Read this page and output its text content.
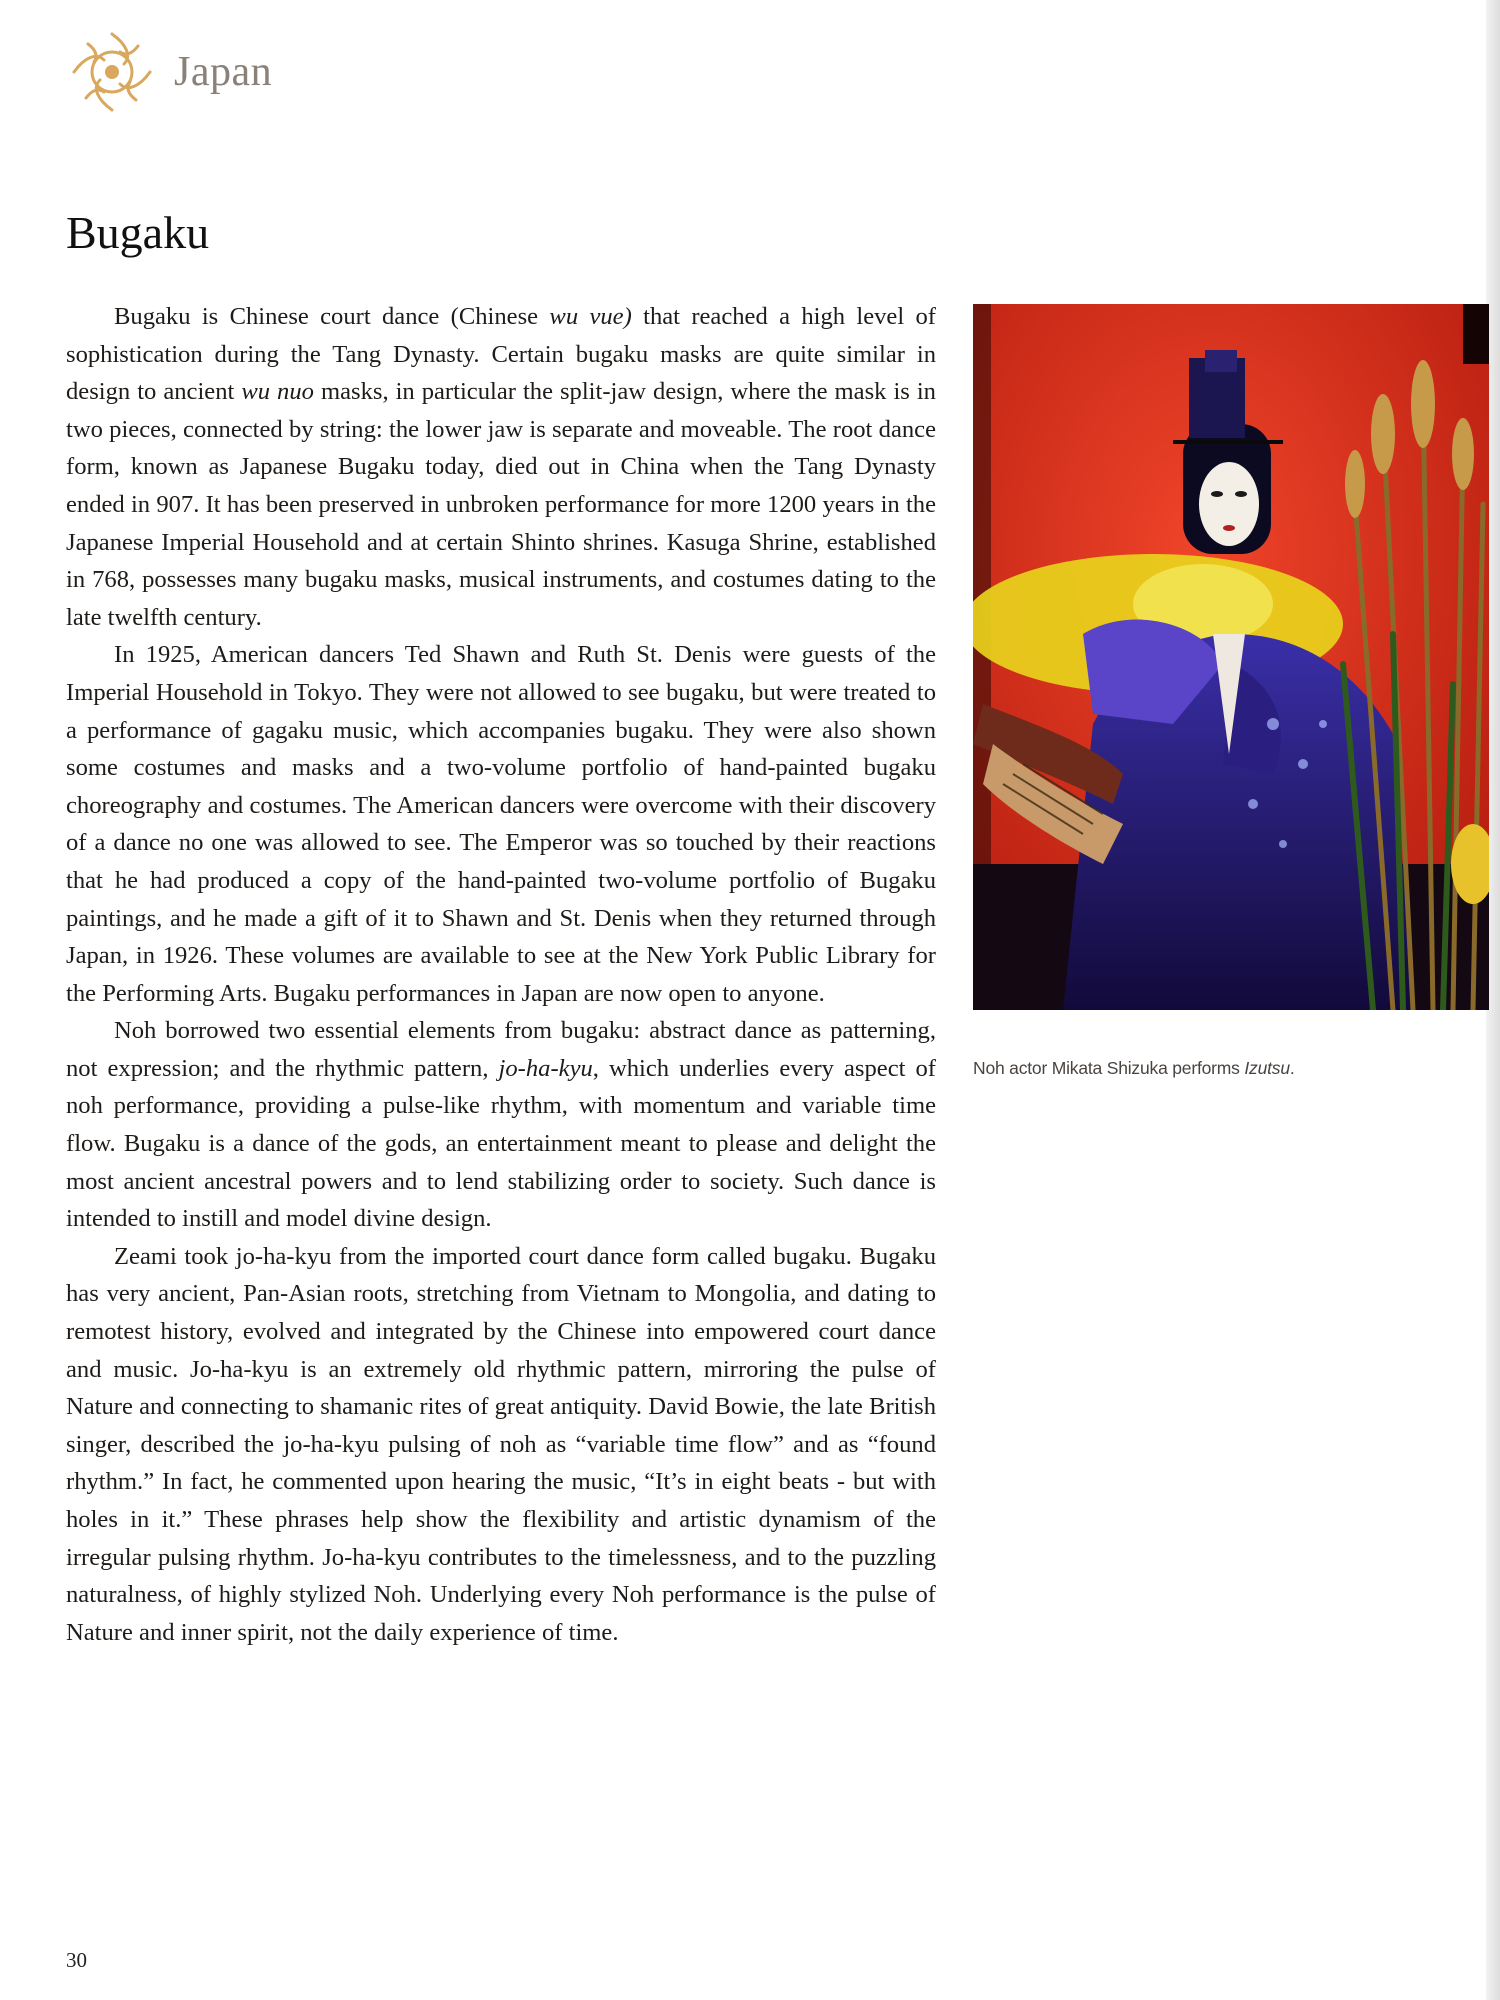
Japan
Bugaku

Bugaku is Chinese court dance (Chinese wu vue) that reached a high level of sophistication during the Tang Dynasty. Certain bugaku masks are quite similar in design to ancient wu nuo masks, in particular the split-jaw design, where the mask is in two pieces, connected by string: the lower jaw is separate and moveable. The root dance form, known as Japanese Bugaku today, died out in China when the Tang Dynasty ended in 907. It has been preserved in unbroken performance for more 1200 years in the Japanese Imperial Household and at certain Shinto shrines. Kasuga Shrine, established in 768, possesses many bugaku masks, musical instruments, and costumes dating to the late twelfth century.

In 1925, American dancers Ted Shawn and Ruth St. Denis were guests of the Imperial Household in Tokyo. They were not allowed to see bugaku, but were treated to a performance of gagaku music, which accompanies bugaku. They were also shown some costumes and masks and a two-volume portfolio of hand-painted bugaku choreography and costumes. The American dancers were overcome with their discovery of a dance no one was allowed to see. The Emperor was so touched by their reactions that he had produced a copy of the hand-painted two-volume portfolio of Bugaku paintings, and he made a gift of it to Shawn and St. Denis when they returned through Japan, in 1926. These volumes are available to see at the New York Public Library for the Performing Arts. Bugaku performances in Japan are now open to anyone.

Noh borrowed two essential elements from bugaku: abstract dance as patterning, not expression; and the rhythmic pattern, jo-ha-kyu, which underlies every aspect of noh performance, providing a pulse-like rhythm, with momentum and variable time flow. Bugaku is a dance of the gods, an entertainment meant to please and delight the most ancient ancestral powers and to lend stabilizing order to society. Such dance is intended to instill and model divine design.

Zeami took jo-ha-kyu from the imported court dance form called bugaku. Bugaku has very ancient, Pan-Asian roots, stretching from Vietnam to Mongolia, and dating to remotest history, evolved and integrated by the Chinese into empowered court dance and music. Jo-ha-kyu is an extremely old rhythmic pattern, mirroring the pulse of Nature and connecting to shamanic rites of great antiquity. David Bowie, the late British singer, described the jo-ha-kyu pulsing of noh as “variable time flow” and as “found rhythm.” In fact, he commented upon hearing the music, “It’s in eight beats - but with holes in it.” These phrases help show the flexibility and artistic dynamism of the irregular pulsing rhythm. Jo-ha-kyu contributes to the timelessness, and to the puzzling naturalness, of highly stylized Noh. Underlying every Noh performance is the pulse of Nature and inner spirit, not the daily experience of time.

Noh actor Mikata Shizuka performs Izutsu.
30
